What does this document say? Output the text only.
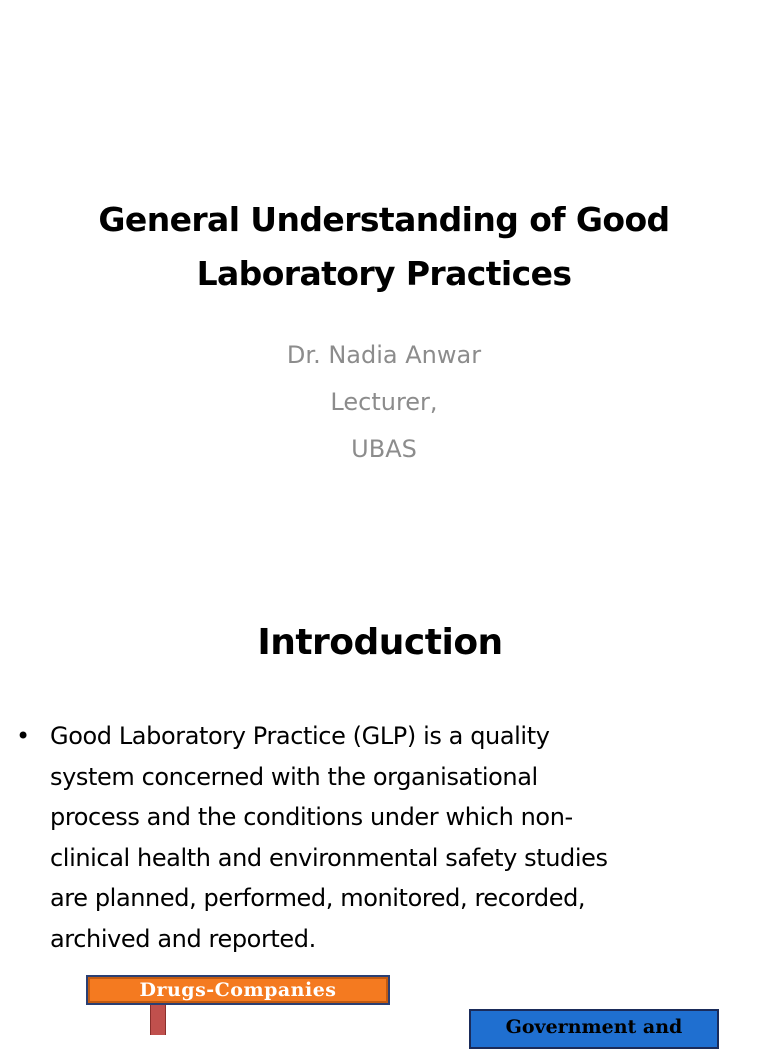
General Understanding of Good
Laboratory Practices
Dr. Nadia Anwar
Lecturer,
UBAS
Introduction
• Good Laboratory Practice (GLP) is a quality
system concerned with the organisational
process and the conditions under which non-
clinical health and environmental safety studies
are planned, performed, monitored, recorded,
archived and reported.
Drugs-Companies
Government and
